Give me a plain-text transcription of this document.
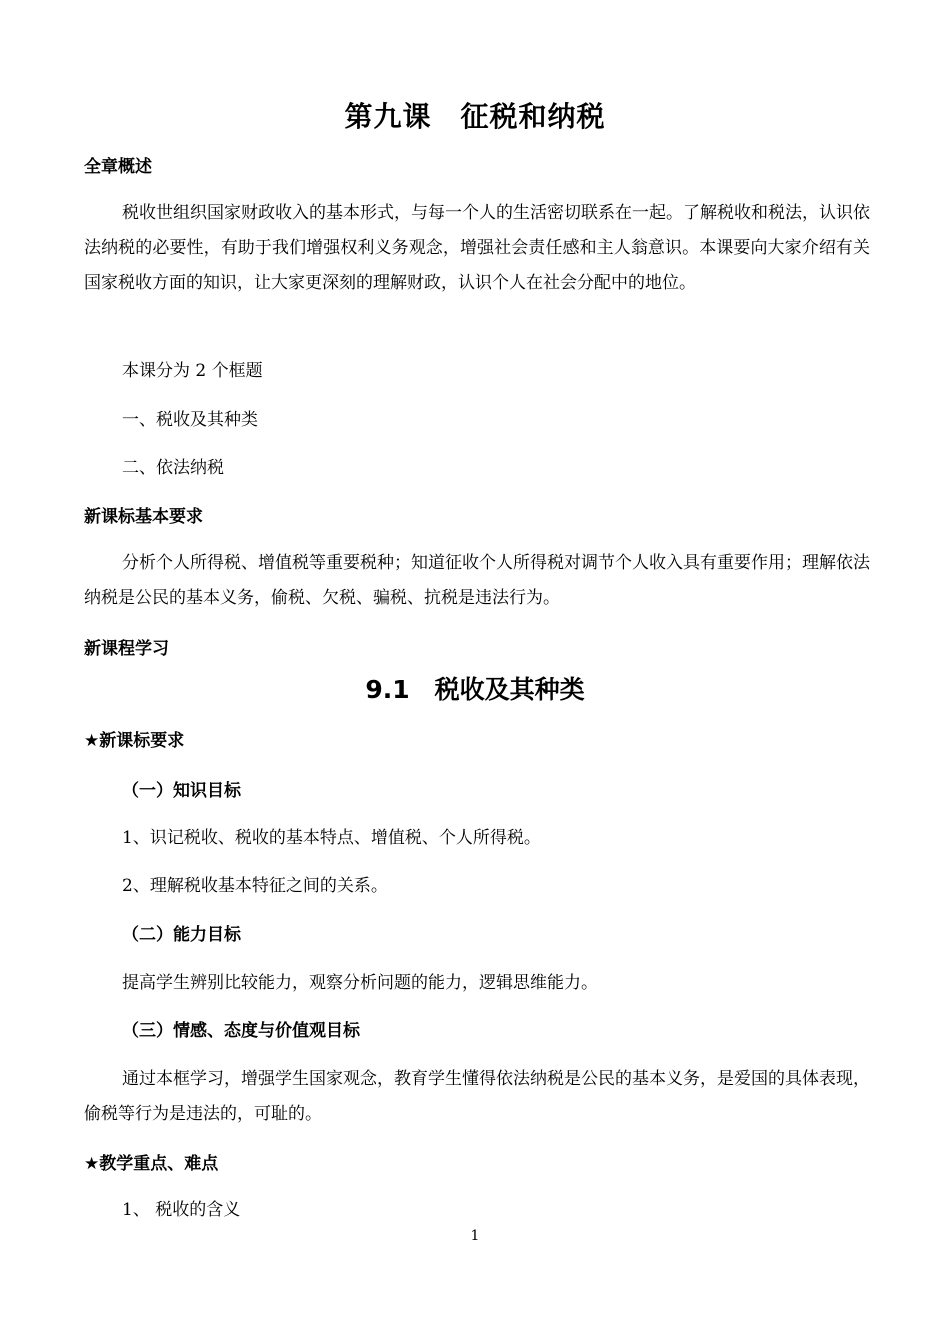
第九课　征税和纳税
全章概述
税收世组织国家财政收入的基本形式，与每一个人的生活密切联系在一起。了解税收和税法，认识依法纳税的必要性，有助于我们增强权利义务观念，增强社会责任感和主人翁意识。本课要向大家介绍有关国家税收方面的知识，让大家更深刻的理解财政，认识个人在社会分配中的地位。
本课分为 2 个框题
一、税收及其种类
二、依法纳税
新课标基本要求
分析个人所得税、增值税等重要税种；知道征收个人所得税对调节个人收入具有重要作用；理解依法纳税是公民的基本义务，偷税、欠税、骗税、抗税是违法行为。
新课程学习
9.1　税收及其种类
★新课标要求
（一）知识目标
1、识记税收、税收的基本特点、增值税、个人所得税。
2、理解税收基本特征之间的关系。
（二）能力目标
提高学生辨别比较能力，观察分析问题的能力，逻辑思维能力。
（三）情感、态度与价值观目标
通过本框学习，增强学生国家观念，教育学生懂得依法纳税是公民的基本义务，是爱国的具体表现，偷税等行为是违法的，可耻的。
★教学重点、难点
1、 税收的含义
1
